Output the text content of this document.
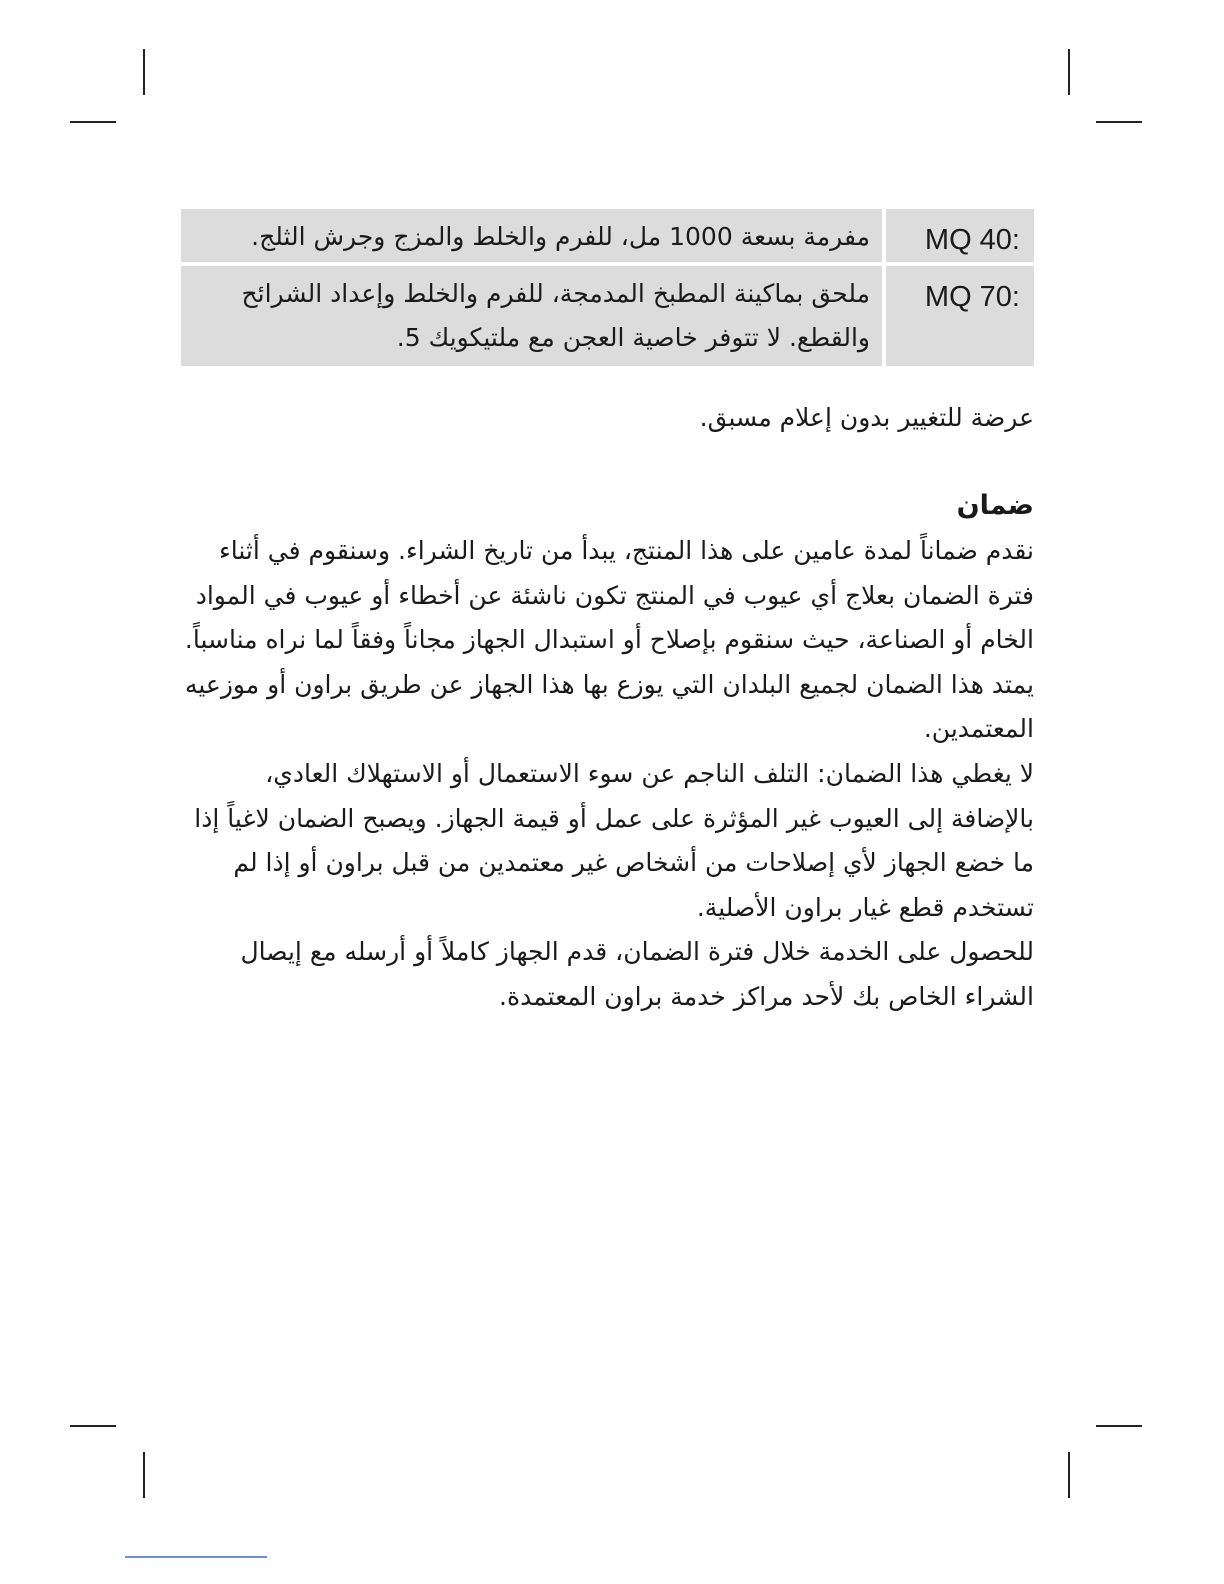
MQ 40:
مفرمة بسعة 1000 مل، للفرم والخلط والمزج وجرش الثلج.
MQ 70:
ملحق بماكينة المطبخ المدمجة، للفرم والخلط وإعداد الشرائح والقطع. لا تتوفر خاصية العجن مع ملتيكويك 5.
عرضة للتغيير بدون إعلام مسبق.
ضمان

نقدم ضماناً لمدة عامين على هذا المنتج، يبدأ من تاريخ الشراء. وسنقوم في أثناء فترة الضمان بعلاج أي عيوب في المنتج تكون ناشئة عن أخطاء أو عيوب في المواد الخام أو الصناعة، حيث سنقوم بإصلاح أو استبدال الجهاز مجاناً وفقاً لما نراه مناسباً.

يمتد هذا الضمان لجميع البلدان التي يوزع بها هذا الجهاز عن طريق براون أو موزعيه المعتمدين.

لا يغطي هذا الضمان: التلف الناجم عن سوء الاستعمال أو الاستهلاك العادي، بالإضافة إلى العيوب غير المؤثرة على عمل أو قيمة الجهاز. ويصبح الضمان لاغياً إذا ما خضع الجهاز لأي إصلاحات من أشخاص غير معتمدين من قبل براون أو إذا لم تستخدم قطع غيار براون الأصلية.

للحصول على الخدمة خلال فترة الضمان، قدم الجهاز كاملاً أو أرسله مع إيصال الشراء الخاص بك لأحد مراكز خدمة براون المعتمدة.
